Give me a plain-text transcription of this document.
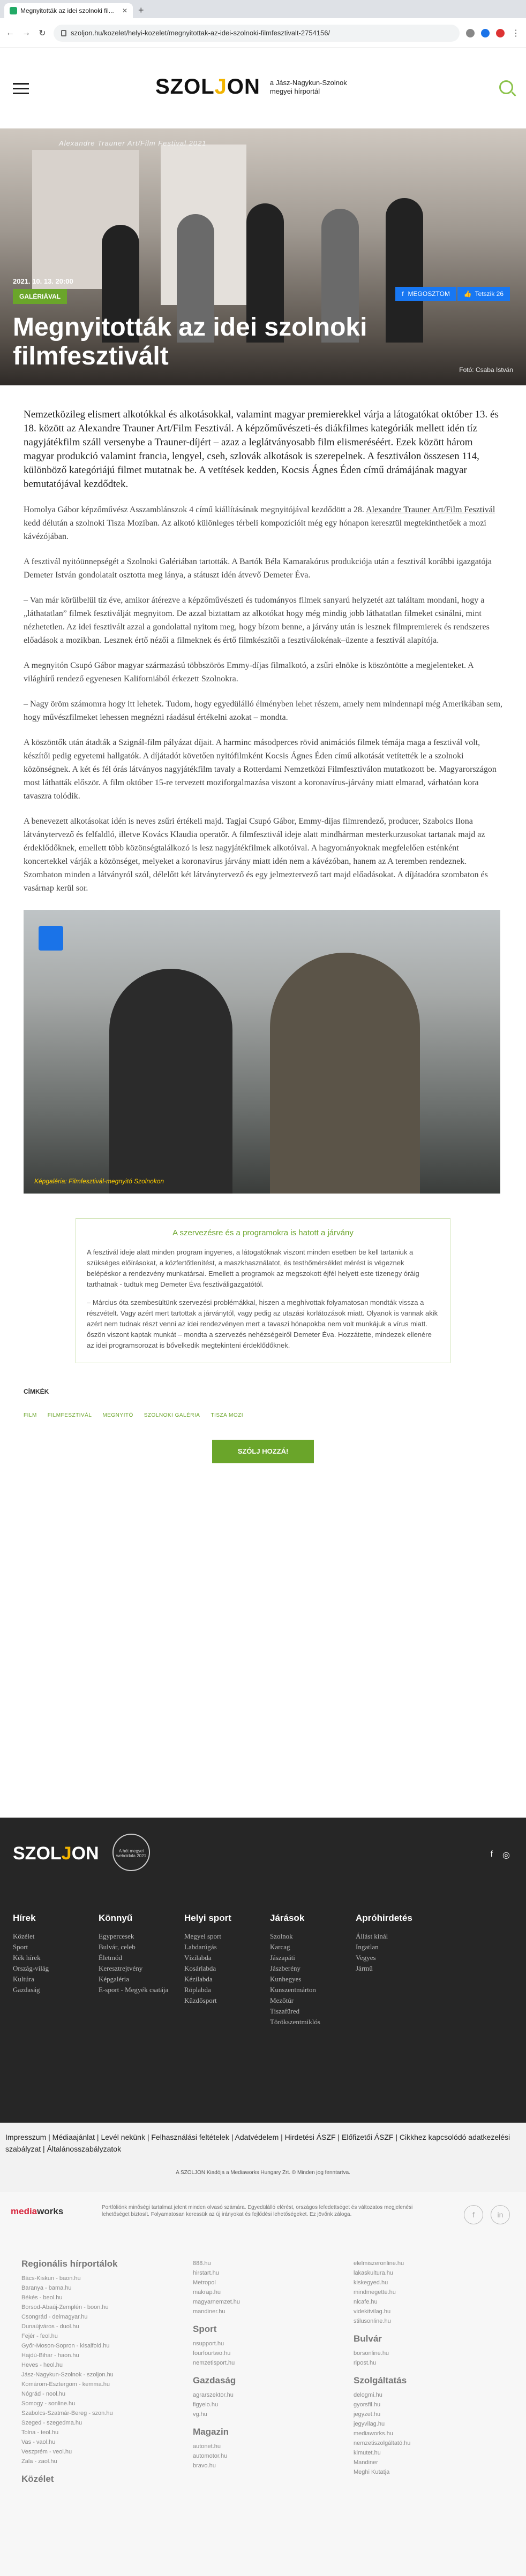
Megnyitották az idei szolnoki fil...	✕ +
← → ↻	szoljon.hu/kozelet/helyi-kozelet/megnyitottak-az-idei-szolnoki-filmfesztivalt-2754156/	⋮
SZOLJON a Jász-Nagykun-Szolnok
megyei hírportál
Alexandre Trauner Art/Film Festival 2021
2021. 10. 13. 20:00
GALÉRIÁVAL	f MEGOSZTOM 👍 Tetszik 26
Megnyitották az idei szolnoki filmfesztivált	Fotó: Csaba István

Nemzetközileg elismert alkotókkal és alkotásokkal, valamint magyar premierekkel várja a látogatókat október 13. és 18. között az Alexandre Trauner Art/Film Fesztivál. A képzőművészeti-és diákfilmes kategóriák mellett idén tíz nagyjátékfilm száll versenybe a Trauner-díjért – azaz a leglátványosabb film elismeréséért. Ezek között három magyar produkció valamint francia, lengyel, cseh, szlovák alkotások is szerepelnek. A fesztiválon összesen 114, különböző kategóriájú filmet mutatnak be. A vetítések kedden, Kocsis Ágnes Éden című drámájának magyar bemutatójával kezdődtek.

Homolya Gábor képzőművész Asszamblánszok 4 című kiállításának megnyitójával kezdődött a 28. Alexandre Trauner Art/Film Fesztivál kedd délután a szolnoki Tisza Moziban. Az alkotó különleges térbeli kompozícióit még egy hónapon keresztül megtekinthetőek a mozi kávézójában.

A fesztivál nyitóünnepségét a Szolnoki Galériában tartották. A Bartók Béla Kamarakórus produkciója után a fesztivál korábbi igazgatója Demeter István gondolatait osztotta meg lánya, a státuszt idén átvevő Demeter Éva.

– Van már körülbelül tíz éve, amikor átérezve a képzőművészeti és tudományos filmek sanyarú helyzetét azt találtam mondani, hogy a „láthatatlan” filmek fesztiválját megnyitom. De azzal biztattam az alkotókat hogy még mindig jobb láthatatlan filmeket csinálni, mint nézhetetlen. Az idei fesztivált azzal a gondolattal nyitom meg, hogy bízom benne, a járvány után is lesznek filmpremierek és rendszeres előadások a mozikban. Lesznek értő nézői a filmeknek és értő filmkészítői a fesztiválokénak–üzente a fesztivál alapítója.

A megnyitón Csupó Gábor magyar származású többszörös Emmy-díjas filmalkotó, a zsűri elnöke is köszöntötte a megjelenteket. A világhírű rendező egyenesen Kaliforniából érkezett Szolnokra.

– Nagy öröm számomra hogy itt lehetek. Tudom, hogy egyedülálló élményben lehet részem, amely nem mindennapi még Amerikában sem, hogy művészfilmeket lehessen megnézni ráadásul értékelni azokat – mondta.

A köszöntők után átadták a Szignál-film pályázat díjait. A harminc másodperces rövid animációs filmek témája maga a fesztivál volt, készítői pedig egyetemi hallgatók. A díjátadót követően nyitófilmként Kocsis Ágnes Éden című alkotását vetítették le a szolnoki közönségnek. A két és fél órás látványos nagyjátékfilm tavaly a Rotterdami Nemzetközi Filmfesztiválon mutatkozott be. Magyarországon most láthatták először. A film október 15-re tervezett moziforgalmazása viszont a koronavírus-járvány miatt elmarad, várhatóan kora tavaszra tolódik.

A benevezett alkotásokat idén is neves zsűri értékeli majd. Tagjai Csupó Gábor, Emmy-díjas filmrendező, producer, Szabolcs Ilona látványtervező és felfaldló, illetve Kovács Klaudia operatőr. A filmfesztivál ideje alatt mindhárman mesterkurzusokat tartanak majd az érdeklődőknek, emellett több közönségtalálkozó is lesz nagyjátékfilmek alkotóival. A hagyományoknak megfelelően esténként koncertekkel várják a közönséget, melyeket a koronavírus járvány miatt idén nem a kávézóban, hanem az A teremben rendeznek. Szombaton minden a látványról szól, délelőtt két látványtervező és egy jelmeztervező tart majd előadásokat. A díjátadóra szombaton és vasárnap kerül sor.

Képgaléria: Filmfesztivál-megnyitó Szolnokon
A szervezésre és a programokra is hatott a járvány

A fesztivál ideje alatt minden program ingyenes, a látogatóknak viszont minden esetben be kell tartaniuk a szükséges előírásokat, a közfertőtlenítést, a maszkhasználatot, és testhőmérséklet mérést is végeznek belépéskor a rendezvény munkatársai. Emellett a programok az megszokott éjfél helyett este tízenegy óráig tarthatnak - tudtuk meg Demeter Éva fesztiváligazgatótól.

– Március óta szembesültünk szervezési problémákkal, hiszen a meghívottak folyamatosan mondták vissza a részvételt. Vagy azért mert tartottak a járványtól, vagy pedig az utazási korlátozások miatt. Olyanok is vannak akik azért nem tudnak részt venni az idei rendezvényen mert a tavaszi hónapokba nem volt munkájuk a vírus miatt. őszön viszont kaptak munkát – mondta a szervezés nehézségeiről Demeter Éva. Hozzátette, mindezek ellenére az idei programsorozat is bővelkedik megtekinteni érdeklődőknek.

CÍMKÉK
FILM FILMFESZTIVÁL MEGNYITÓ SZOLNOKI GALÉRIA TISZA MOZI
SZÓLJ HOZZÁ!
SZOLJON	A hét megyei weboldala 2021	f ◎
Hírek
Közélet
Sport
Kék hírek
Ország-világ
Kultúra
Gazdaság
Könnyű
Egypercesek
Bulvár, celeb
Életmód
Keresztrejtvény
Képgaléria
E-sport - Megyék csatája
Helyi sport
Megyei sport
Labdarúgás
Vízilabda
Kosárlabda
Kézilabda
Röplabda
Küzdősport
Járások
Szolnok
Karcag
Jászapáti
Jászberény
Kunhegyes
Kunszentmárton
Mezőtúr
Tiszafüred
Törökszentmiklós
Apróhirdetés
Állást kínál
Ingatlan
Vegyes
Jármű
Impresszum | Médiaajánlat | Levél nekünk | Felhasználási feltételek | Adatvédelem | Hirdetési ÁSZF | Előfizetői ÁSZF | Cikkhez kapcsolódó adatkezelési szabályzat | Általánosszabályzatok
A SZOLJON Kiadója a Mediaworks Hungary Zrt. © Minden jog fenntartva.
mediaworks	Portfóliónk minőségi tartalmat jelent minden olvasó számára. Egyedülálló elérést, országos lefedettséget és változatos megjelenési lehetőséget biztosít. Folyamatosan keressük az új irányokat és fejlődési lehetőségeket. Ez jövőnk záloga.	f	in
Regionális hírportálok
Bács-Kiskun - baon.hu
Baranya - bama.hu
Békés - beol.hu
Borsod-Abaúj-Zemplén - boon.hu
Csongrád - delmagyar.hu
Dunaújváros - duol.hu
Fejér - feol.hu
Győr-Moson-Sopron - kisalfold.hu
Hajdú-Bihar - haon.hu
Heves - heol.hu
Jász-Nagykun-Szolnok - szoljon.hu
Komárom-Esztergom - kemma.hu
Nógrád - nool.hu
Somogy - sonline.hu
Szabolcs-Szatmár-Bereg - szon.hu
Szeged - szegedma.hu
Tolna - teol.hu
Vas - vaol.hu
Veszprém - veol.hu
Zala - zaol.hu
Közélet
888.hu
hirstart.hu
Metropol
makrap.hu
magyarnemzet.hu
mandiner.hu
Sport
nsupport.hu
fourfourtwo.hu
nemzetisport.hu
Gazdaság
agrarszektor.hu
figyelo.hu
vg.hu
Magazin
autonet.hu
automotor.hu
bravo.hu
elelmiszeronline.hu
lakaskultura.hu
kiskegyed.hu
mindmegette.hu
nlcafe.hu
videkitvilag.hu
stilusonline.hu
Bulvár
borsonline.hu
ripost.hu
Szolgáltatás
delogmi.hu
gyorsfil.hu
jegyzet.hu
jegyvilag.hu
mediaworks.hu
nemzetiszolgáltató.hu
kimutet.hu
Mandiner
Meghi Kutatja
